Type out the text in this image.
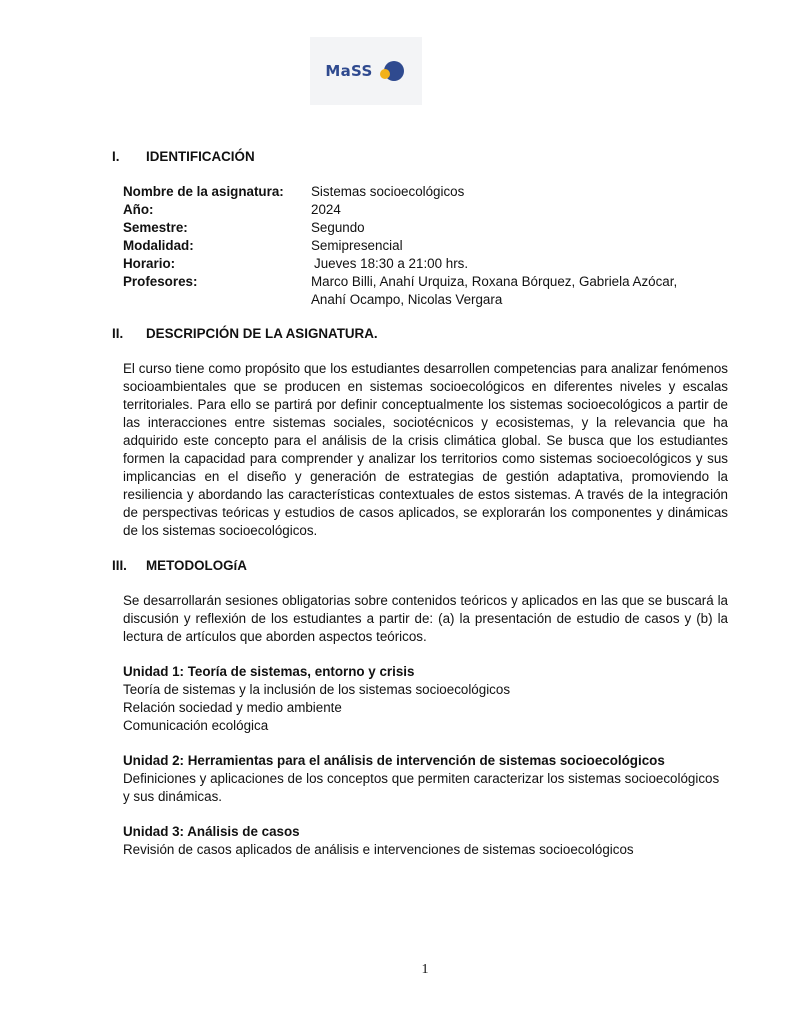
MaSS
I.	IDENTIFICACIÓN
Nombre de la asignatura:	Sistemas socioecológicos
Año:	2024
Semestre:	Segundo
Modalidad:	Semipresencial
Horario:	Jueves 18:30 a 21:00 hrs.
Profesores:	Marco Billi, Anahí Urquiza, Roxana Bórquez, Gabriela Azócar, Anahí Ocampo, Nicolas Vergara
II.	DESCRIPCIÓN DE LA ASIGNATURA.

El curso tiene como propósito que los estudiantes desarrollen competencias para analizar fenómenos socioambientales que se producen en sistemas socioecológicos en diferentes niveles y escalas territoriales. Para ello se partirá por definir conceptualmente los sistemas socioecológicos a partir de las interacciones entre sistemas sociales, sociotécnicos y ecosistemas, y la relevancia que ha adquirido este concepto para el análisis de la crisis climática global. Se busca que los estudiantes formen la capacidad para comprender y analizar los territorios como sistemas socioecológicos y sus implicancias en el diseño y generación de estrategias de gestión adaptativa, promoviendo la resiliencia y abordando las características contextuales de estos sistemas. A través de la integración de perspectivas teóricas y estudios de casos aplicados, se explorarán los componentes y dinámicas de los sistemas socioecológicos.

III.	METODOLOGíA

Se desarrollarán sesiones obligatorias sobre contenidos teóricos y aplicados en las que se buscará la discusión y reflexión de los estudiantes a partir de: (a) la presentación de estudio de casos y (b) la lectura de artículos que aborden aspectos teóricos.

Unidad 1: Teoría de sistemas, entorno y crisis
Teoría de sistemas y la inclusión de los sistemas socioecológicos
Relación sociedad y medio ambiente
Comunicación ecológica
Unidad 2: Herramientas para el análisis de intervención de sistemas socioecológicos
Definiciones y aplicaciones de los conceptos que permiten caracterizar los sistemas socioecológicos y sus dinámicas.
Unidad 3: Análisis de casos
Revisión de casos aplicados de análisis e intervenciones de sistemas socioecológicos
1
